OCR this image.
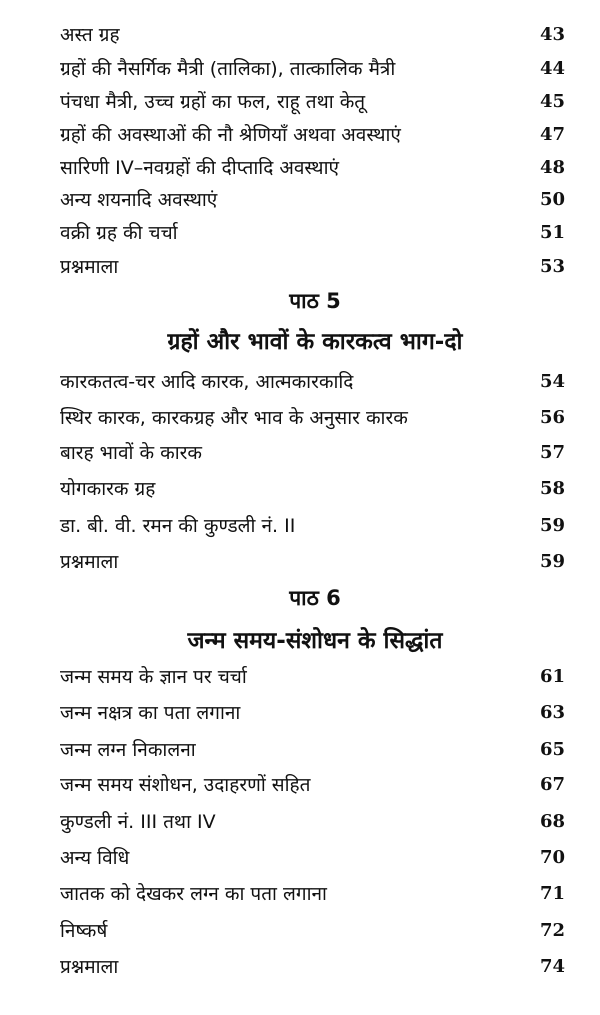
अस्त ग्रह	43
ग्रहों की नैसर्गिक मैत्री (तालिका), तात्कालिक मैत्री	44
पंचधा मैत्री, उच्च ग्रहों का फल, राहू तथा केतू	45
ग्रहों की अवस्थाओं की नौ श्रेणियाँ अथवा अवस्थाएं	47
सारिणी IV–नवग्रहों की दीप्तादि अवस्थाएं	48
अन्य शयनादि अवस्थाएं	50
वक्री ग्रह की चर्चा	51
प्रश्नमाला	53
पाठ 5
ग्रहों और भावों के कारकत्व भाग-दो
कारकतत्व-चर आदि कारक, आत्मकारकादि	54
स्थिर कारक, कारकग्रह और भाव के अनुसार कारक	56
बारह भावों के कारक	57
योगकारक ग्रह	58
डा. बी. वी. रमन की कुण्डली नं. II	59
प्रश्नमाला	59
पाठ 6
जन्म समय-संशोधन के सिद्धांत
जन्म समय के ज्ञान पर चर्चा	61
जन्म नक्षत्र का पता लगाना	63
जन्म लग्न निकालना	65
जन्म समय संशोधन, उदाहरणों सहित	67
कुण्डली नं. III तथा IV	68
अन्य विधि	70
जातक को देखकर लग्न का पता लगाना	71
निष्कर्ष	72
प्रश्नमाला	74
